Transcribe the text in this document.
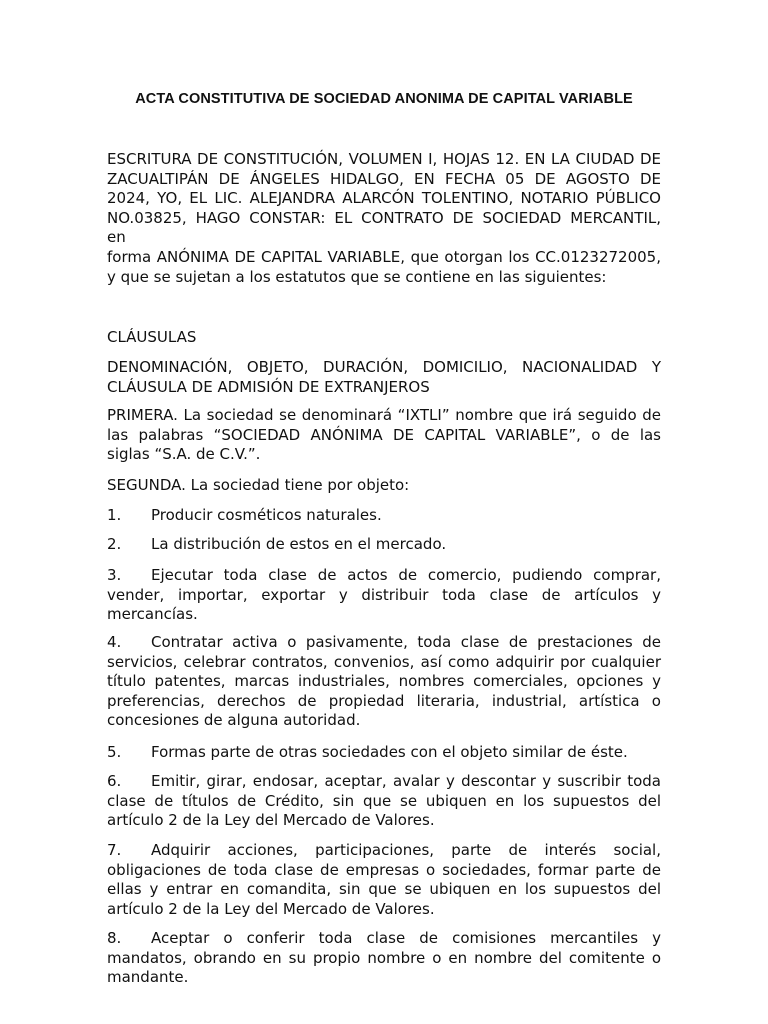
ACTA CONSTITUTIVA DE SOCIEDAD ANONIMA DE CAPITAL VARIABLE

ESCRITURA DE CONSTITUCIÓN, VOLUMEN I, HOJAS 12. EN LA CIUDAD DE
ZACUALTIPÁN DE ÁNGELES HIDALGO, EN FECHA 05 DE AGOSTO DE
2024, YO, EL LIC. ALEJANDRA ALARCÓN TOLENTINO, NOTARIO PÚBLICO
NO.03825, HAGO CONSTAR: EL CONTRATO DE SOCIEDAD MERCANTIL,
en
forma ANÓNIMA DE CAPITAL VARIABLE, que otorgan los CC.0123272005,
y que se sujetan a los estatutos que se contiene en las siguientes:

CLÁUSULAS

DENOMINACIÓN, OBJETO, DURACIÓN, DOMICILIO, NACIONALIDAD Y
CLÁUSULA DE ADMISIÓN DE EXTRANJEROS

PRIMERA. La sociedad se denominará “IXTLI” nombre que irá seguido de
las palabras “SOCIEDAD ANÓNIMA DE CAPITAL VARIABLE”, o de las
siglas “S.A. de C.V.”.

SEGUNDA. La sociedad tiene por objeto:

1. Producir cosméticos naturales.

2. La distribución de estos en el mercado.

3. Ejecutar toda clase de actos de comercio, pudiendo comprar,
vender, importar, exportar y distribuir toda clase de artículos y
mercancías.

4. Contratar activa o pasivamente, toda clase de prestaciones de
servicios, celebrar contratos, convenios, así como adquirir por cualquier
título patentes, marcas industriales, nombres comerciales, opciones y
preferencias, derechos de propiedad literaria, industrial, artística o
concesiones de alguna autoridad.

5. Formas parte de otras sociedades con el objeto similar de éste.

6. Emitir, girar, endosar, aceptar, avalar y descontar y suscribir toda
clase de títulos de Crédito, sin que se ubiquen en los supuestos del
artículo 2 de la Ley del Mercado de Valores.

7. Adquirir acciones, participaciones, parte de interés social,
obligaciones de toda clase de empresas o sociedades, formar parte de
ellas y entrar en comandita, sin que se ubiquen en los supuestos del
artículo 2 de la Ley del Mercado de Valores.

8. Aceptar o conferir toda clase de comisiones mercantiles y
mandatos, obrando en su propio nombre o en nombre del comitente o
mandante.
